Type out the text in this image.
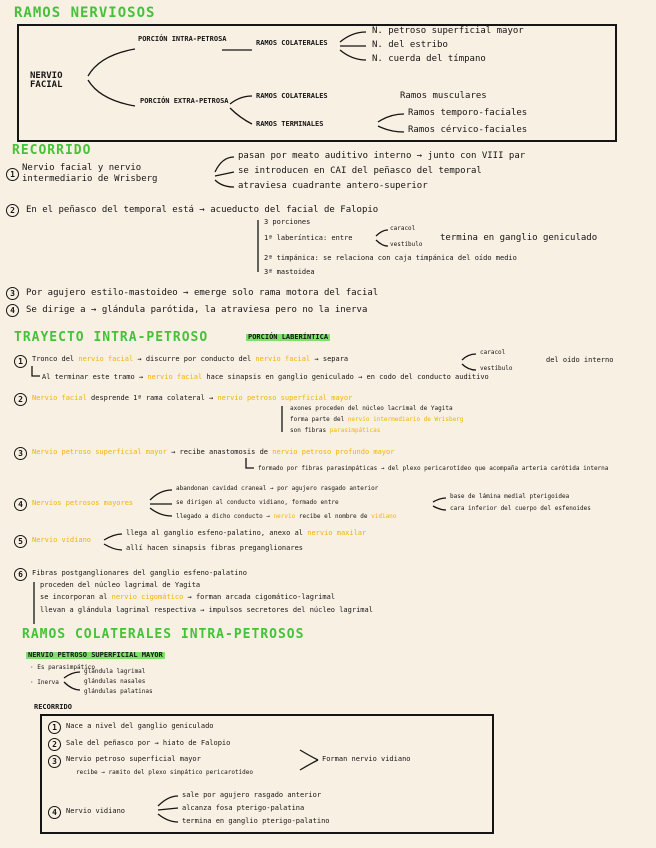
RAMOS NERVIOSOS
NERVIO FACIAL
PORCIÓN INTRA-PETROSA	RAMOS COLATERALES
N. petroso superficial mayor
N. del estribo
N. cuerda del tímpano
PORCIÓN EXTRA-PETROSA
RAMOS COLATERALES	Ramos musculares
RAMOS TERMINALES
Ramos temporo-faciales
Ramos cérvico-faciales
RECORRIDO
1
Nervio facial y nervio intermediario de Wrisberg
pasan por meato auditivo interno → junto con VIII par
se introducen en CAI del peñasco del temporal
atraviesa cuadrante antero-superior
2	En el peñasco del temporal está → acueducto del facial de Falopio
3 porciones
1ª laberíntica: entre
caracol
vestíbulo
termina en ganglio geniculado
2ª timpánica: se relaciona con caja timpánica del oído medio
3ª mastoidea
3	Por agujero estilo-mastoideo → emerge solo rama motora del facial
4	Se dirige a → glándula parótida, la atraviesa pero no la inerva
TRAYECTO INTRA-PETROSO	PORCIÓN LABERÍNTICA
1	Tronco del nervio facial → discurre por conducto del nervio facial → separa
caracol
vestíbulo
del oído interno
Al terminar este tramo → nervio facial hace sinapsis en ganglio geniculado → en codo del conducto auditivo
2	Nervio facial desprende 1ª rama colateral → nervio petroso superficial mayor
axones proceden del núcleo lacrimal de Yagita
forma parte del nervio intermediario de Wrisberg
son fibras parasimpáticas
3	Nervio petroso superficial mayor → recibe anastomosis de nervio petroso profundo mayor
formado por fibras parasimpáticas → del plexo pericarotídeo que acompaña arteria carótida interna
4	Nervios petrosos mayores
abandonan cavidad craneal → por agujero rasgado anterior
se dirigen al conducto vidiano, formado entre
base de lámina medial pterigoidea
cara inferior del cuerpo del esfenoides
llegado a dicho conducto → nervio recibe el nombre de vidiano
5	Nervio vidiano
llega al ganglio esfeno-palatino, anexo al nervio maxilar
allí hacen sinapsis fibras preganglionares
6	Fibras postganglionares del ganglio esfeno-palatino
proceden del núcleo lagrimal de Yagita
se incorporan al nervio cigomático → forman arcada cigomático-lagrimal
llevan a glándula lagrimal respectiva → impulsos secretores del núcleo lagrimal
RAMOS COLATERALES INTRA-PETROSOS
NERVIO PETROSO SUPERFICIAL MAYOR
· Es parasimpático
· Inerva
glándula lagrimal
glándulas nasales
glándulas palatinas
RECORRIDO
1	Nace a nivel del ganglio geniculado
2	Sale del peñasco por → hiato de Falopio
3	Nervio petroso superficial mayor
recibe → ramito del plexo simpático pericarotídeo
Forman nervio vidiano
4	Nervio vidiano
sale por agujero rasgado anterior
alcanza fosa pterigo-palatina
termina en ganglio pterigo-palatino
